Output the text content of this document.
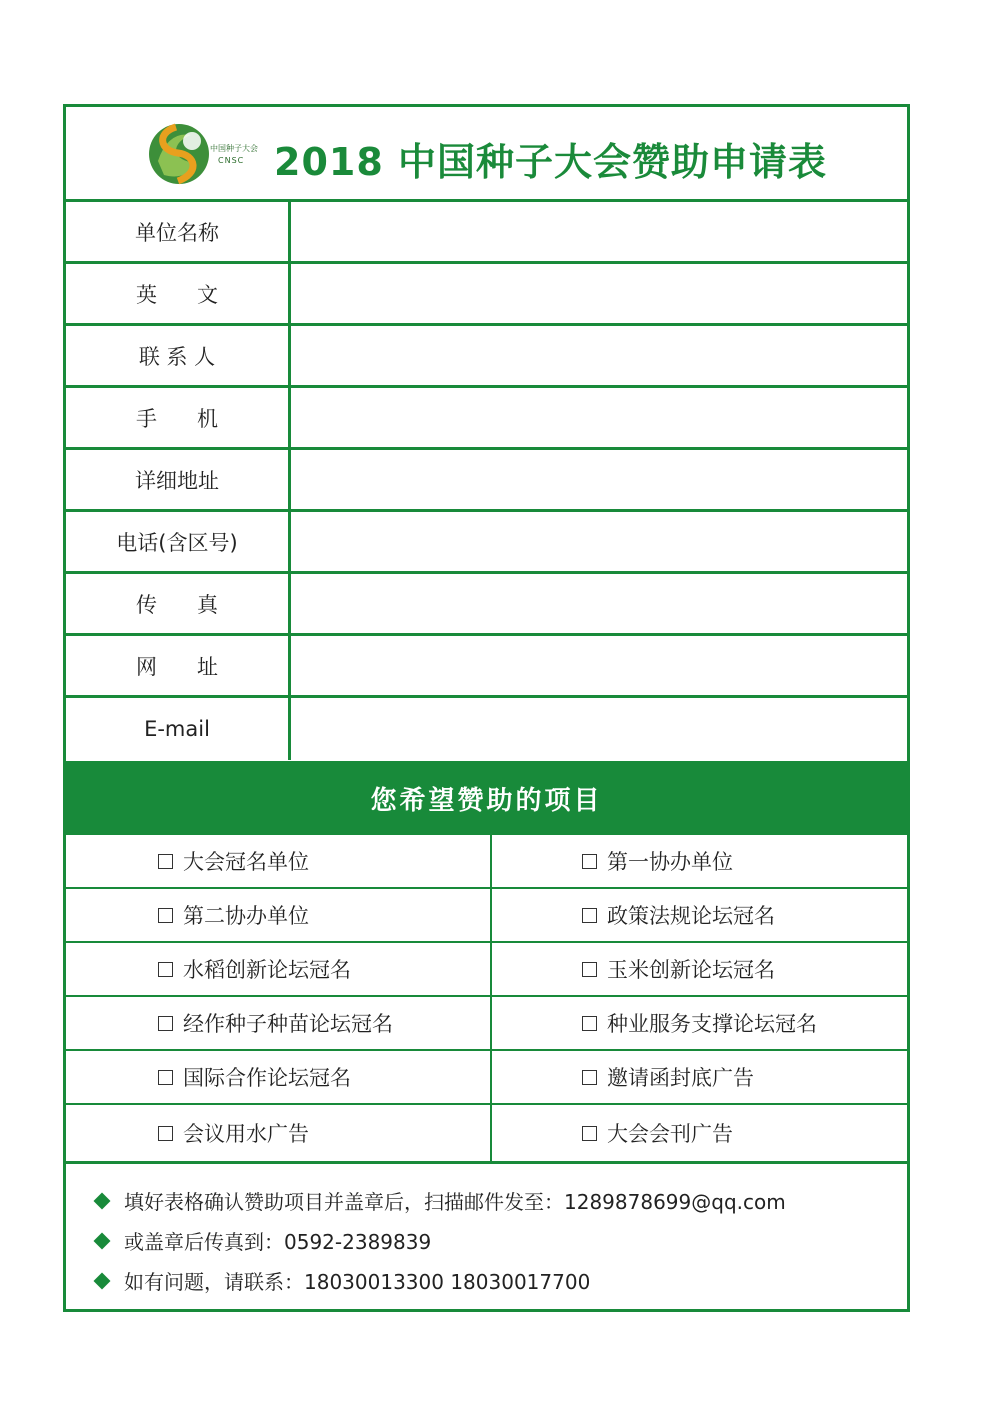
中国种子大会
CNSC 2018 中国种子大会赞助申请表
单位名称
英      文
联 系 人
手      机
详细地址
电话(含区号)
传      真
网      址
E-mail
您希望赞助的项目
大会冠名单位	第一协办单位
第二协办单位	政策法规论坛冠名
水稻创新论坛冠名	玉米创新论坛冠名
经作种子种苗论坛冠名	种业服务支撑论坛冠名
国际合作论坛冠名	邀请函封底广告
会议用水广告	大会会刊广告
填好表格确认赞助项目并盖章后，扫描邮件发至：1289878699@qq.com
或盖章后传真到：0592-2389839
如有问题，请联系：18030013300 18030017700
